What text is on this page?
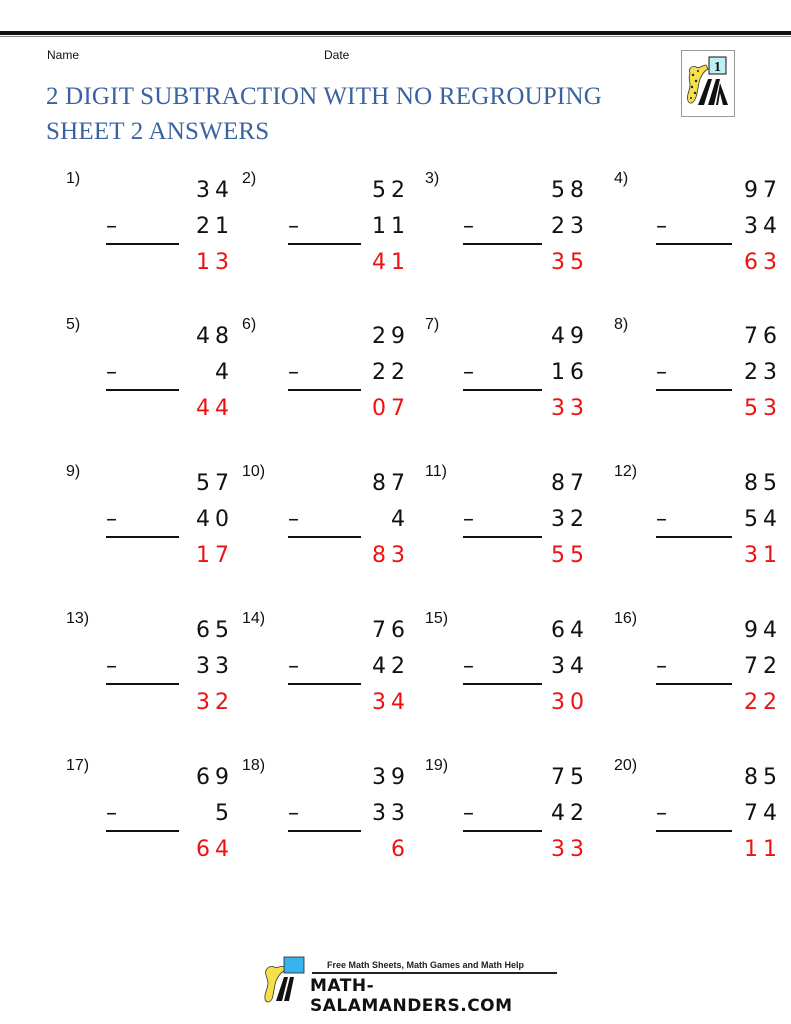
Name	Date
2 DIGIT SUBTRACTION WITH NO REGROUPING
SHEET 2 ANSWERS
1
1)	34
–	21
13
2)	52
–	11
41
3)	58
–	23
35
4)	97
–	34
63
5)	48
–	4
44
6)	29
–	22
07
7)	49
–	16
33
8)	76
–	23
53
9)	57
–	40
17
10)	87
–	4
83
11)	87
–	32
55
12)	85
–	54
31
13)	65
–	33
32
14)	76
–	42
34
15)	64
–	34
30
16)	94
–	72
22
17)	69
–	5
64
18)	39
–	33
6
19)	75
–	42
33
20)	85
–	74
11
Free Math Sheets, Math Games and Math Help
MATH-SALAMANDERS.COM
